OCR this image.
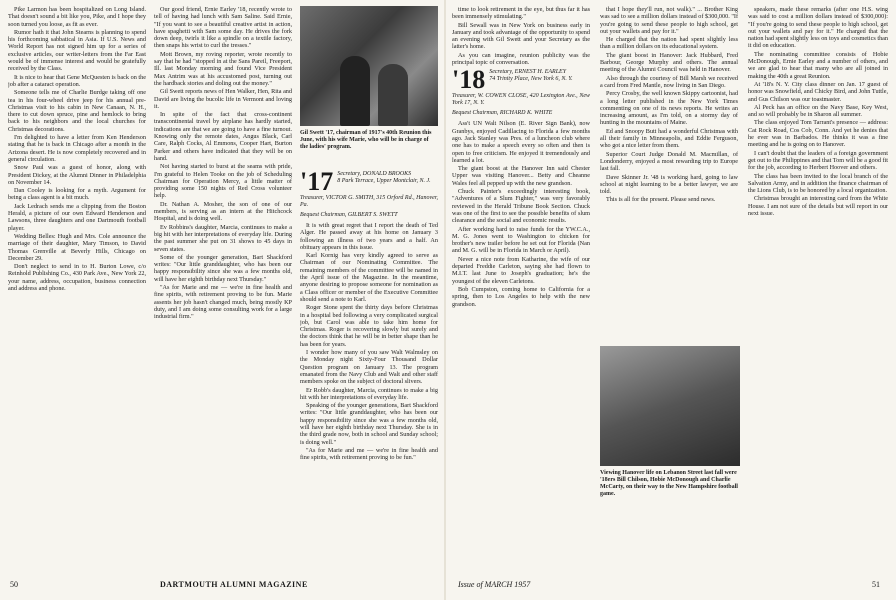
Pike Larmon has been hospitalized on Long Island. That doesn't sound a bit like you, Pike, and I hope they soon turned you loose, as fit as ever.

Rumor hath it that John Stearns is planning to spend his forthcoming sabbatical in Asia. If U.S. News and World Report has not signed him up for a series of exclusive articles, our writer-letters from the Far East would be of immense interest and would be gratefully received by the Class.

It is nice to hear that Gene McQuesten is back on the job after a cataract operation.

Someone tells me of Charlie Burdge taking off one tea in his four-wheel drive jeep for his annual pre-Christmas visit to his cabin in New Canaan, N. H., there to cut down spruce, pine and hemlock to bring back to his neighbors and the local churches for Christmas decorations.

I'm delighted to have a letter from Ken Henderson stating that he is back in Chicago after a month in the Arizona desert. He is now completely recovered and in general circulation.

Snow Paul was a guest of honor, along with President Dickey, at the Alumni Dinner in Philadelphia on November 14.

Dan Cooley is looking for a myth. Argument for being a class agent is a bit much.

Jack Ledrach sends me a clipping from the Boston Herald, a picture of our own Edward Henderson and Lawsons, three daughters and one Dartmouth football player.

Wedding Belles: Hugh and Mrs. Cole announce the marriage of their daughter, Mary Timson, to David Thomas Grenville at Beverly Hills, Chicago on December 29.

Don't neglect to send in to H. Burton Lowe, c/o Reinhold Publishing Co., 430 Park Ave., New York 22, your name, address, occupation, business connection and address and phone.

Our good friend, Ernie Earley '18, recently wrote to tell of having had lunch with Sam Saline. Said Ernie, "If you want to see a beautiful creative artist in action, have spaghetti with Sam some day. He drives the fork down deep, twirls it like a spindle on a textile factory, then snaps his wrist to curl the tresses."

Mott Brown, my roving reporter, wrote recently to say that he had "stopped in at the Sans Pareil, Freeport, Ill. last Monday morning and found Vice President Max Antrim was at his accustomed post, turning out the hardback stories and doling out the money."

Gil Swett reports news of Hen Walker, Hen, Rita and David are living the bucolic life in Vermont and loving it.

In spite of the fact that cross-continent transcontinental travel by airplane has hardly started, indications are that we are going to have a fine turnout. Knowing only the remote dates, Angus Black, Carl Care, Ralph Cocks, Al Emmons, Cooper Hart, Burton Parker and others have indicated that they will be on hand.

Not having started to burst at the seams with pride, I'm grateful to Helen Tooke on the job of Scheduling Chairman for Operation Mercy, a little matter of providing some 150 nights of Red Cross volunteer help.

Dr. Nathan A. Mosher, the son of one of our members, is serving as an intern at the Hitchcock Hospital, and is doing well.

Ev Robbins's daughter, Marcia, continues to make a big hit with her interpretations of everyday life. During the past summer she put on 31 shows to 45 days in seven states.

Some of the younger generation, Bart Shackford writes: "Our little granddaughter, who has been our happy responsibility since she was a few months old, will have her eighth birthday next Thursday."

"As for Marie and me — we're in fine health and fine spirits, with retirement proving to be fun. Marie assents her job hasn't changed much, being mostly KP duty, and I am doing some consulting work for a large industrial firm."

Gil Swett '17, chairman of 1917's 40th Reunion this June, with his wife Marie, who will be in charge of the ladies' program.
'17 Secretary, DONALD BROOKS
8 Park Terrace, Upper Montclair, N. J.
Treasurer, VICTOR G. SMITH, 315 Orford Rd., Hanover, Pa.
Bequest Chairman, GILBERT S. SWETT

It is with great regret that I report the death of Ted Alger. He passed away at his home on January 3 following an illness of two years and a half. An obituary appears in this issue.

Karl Kornig has very kindly agreed to serve as Chairman of our Nominating Committee. The remaining members of the committee will be named in the April issue of the Magazine. In the meantime, anyone desiring to propose someone for nomination as a Class officer or member of the Executive Committee should send a note to Karl.

Roger Stone spent the thirty days before Christmas in a hospital bed following a very complicated surgical job, but Carol was able to take him home for Christmas. Roger is recovering slowly but surely and the doctors think that he will be in better shape than he has been for years.

I wonder how many of you saw Walt Walmsley on the Monday night Sixty-Four Thousand Dollar Question program on January 13. The program emanated from the Navy Club and Walt and other staff members spoke on the subject of doctoral slivers.

Er Robb's daughter, Marcia, continues to make a big hit with her interpretations of everyday life.

Speaking of the younger generations, Bart Shackford writes: "Our little granddaughter, who has been our happy responsibility since she was a few months old, will have her eighth birthday next Thursday. She is in the third grade now, both in school and Sunday school; is doing well."

"As for Marie and me — we're in fine health and fine spirits, with retirement proving to be fun."

time to look retirement in the eye, but thus far it has been immensely stimulating."

Bill Sewall was in New York on business early in January and took advantage of the opportunity to spend an evening with Gil Swett and your Secretary as the latter's home.

As you can imagine, reunion publicity was the principal topic of conversation.

'18 Secretary, ERNEST H. EARLEY
74 Trinity Place, New York 6, N. Y.
Treasurer, W. COWEN CLOSE, 420 Lexington Ave., New York 17, N. Y.
Bequest Chairman, RICHARD K. WHITE

Ass't UN Walt Nilson (E. River Sign Bank), now Granbys, enjoyed Cadillacing to Florida a few months ago. Jack Stanley was Pres. of a luncheon club where one has to make a speech every so often and then is open to free criticism. He enjoyed it tremendously and learned a lot.

The giant boost at the Hanover Inn said Chester Upper was visiting Hanover... Betty and Cheanne Wales feel all pepped up with the new grandson.

Chuck Painter's exceedingly interesting book, "Adventures of a Slum Fighter," was very favorably reviewed in the Herald Tribune Book Section. Chuck was one of the first to see the possible benefits of slum clearance and the social and economic results.

After working hard to raise funds for the YW.C.A., M. G. Jones went to Washington to chicken for brother's new trailer before he set out for Florida (Nan and M. G. will be in Florida in March or April).

Never a nice note from Katharine, the wife of our departed Freddie Carleton, saying she had flown to M.I.T. last June to Joseph's graduation; he's the youngest of the eleven Carletons.

Bob Cumpston, coming home to California for a spring, then to Los Angeles to help with the new grandson.

that I hope they'll run, not walk)." ... Brother King was sad to see a million dollars instead of $300,000. "If you're going to send these people to high school, get out your wallets and pay for it."

He charged that the nation had spent slightly less than a million dollars on its educational system.

The giant boost in Hanover: Jack Hubbard, Fred Barbour, George Murphy and others. The annual meeting of the Alumni Council was held in Hanover.

Also through the courtesy of Bill Marsh we received a card from Fred Mantle, now living in San Diego.

Percy Crosby, the well known Skippy cartoonist, had a long letter published in the New York Times commenting on one of its news reports. He writes an increasing amount, as I'm told, on a stormy day of hunting in the mountains of Maine.

Ed and Snoopy Butt had a wonderful Christmas with all their family in Minneapolis, and Eddie Ferguson, who got a nice letter from them.

Superior Court Judge Donald M. Macmillan, of Londonderry, enjoyed a most rewarding trip to Europe last fall.

Dave Skinner Jr. '48 is working hard, going to law school at night learning to be a better lawyer, we are told.

This is all for the present. Please send news.

Viewing Hanover life on Lebanon Street last fall were '18ers Bill Chilson, Hobie McDonough and Charlie McCarty, on their way to the New Hampshire football game.

speakers, made these remarks (after one H.S. wing was said to cost a million dollars instead of $300,000): "If you're going to send these people to high school, get out your wallets and pay for it." He charged that the nation had spent slightly less on toys and cosmetics than it did on education.

The nominating committee consists of Hobie McDonough, Ernie Earley and a number of others, and we are glad to hear that many who are all joined in making the 40th a great Reunion.

At '18's N. Y. City class dinner on Jan. 17 guest of honor was Snowfield, and Chicky Bird, and John Tuttle, and Gus Chilson was our toastmaster.

Al Peck has an office on the Navy Base, Key West, and so will probably be in Sharon all summer.

The class enjoyed Tom Tarrant's presence — address: Cat Rock Road, Cos Cob, Conn. And yet he denies that he ever was in Barbados. He thinks it was a fine meeting and he is going on to Hanover.

I can't doubt that the leaders of a foreign government get out to the Philippines and that Tom will be a good fit for the job, according to Herbert Hoover and others.

The class has been invited to the local branch of the Salvation Army, and in addition the finance chairman of the Lions Club, is to be honored by a local organization.

Christmas brought an interesting card from the White House. I am not sure of the details but will report in our next issue.

50	DARTMOUTH ALUMNI MAGAZINE	Issue of MARCH 1957	51
